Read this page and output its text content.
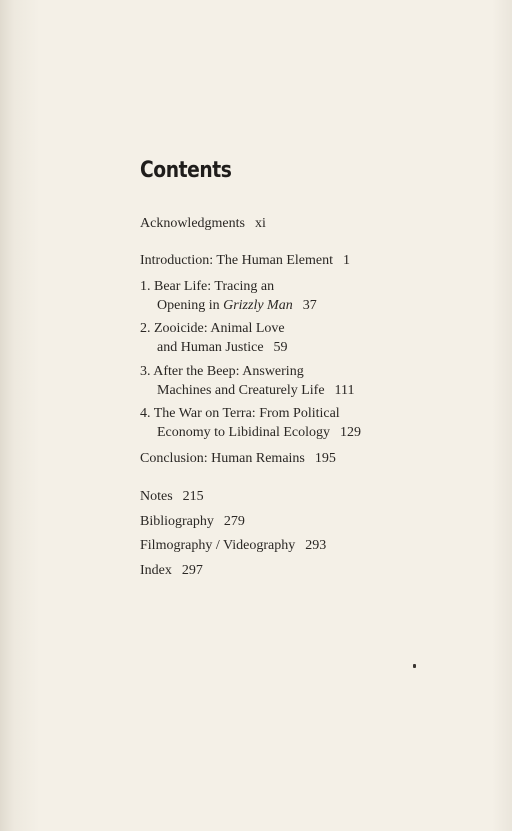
Contents
Acknowledgments xi
Introduction: The Human Element 1
1. Bear Life: Tracing an
Opening in Grizzly Man 37
2. Zooicide: Animal Love
and Human Justice 59
3. After the Beep: Answering
Machines and Creaturely Life 111
4. The War on Terra: From Political
Economy to Libidinal Ecology 129
Conclusion: Human Remains 195
Notes 215
Bibliography 279
Filmography / Videography 293
Index 297
